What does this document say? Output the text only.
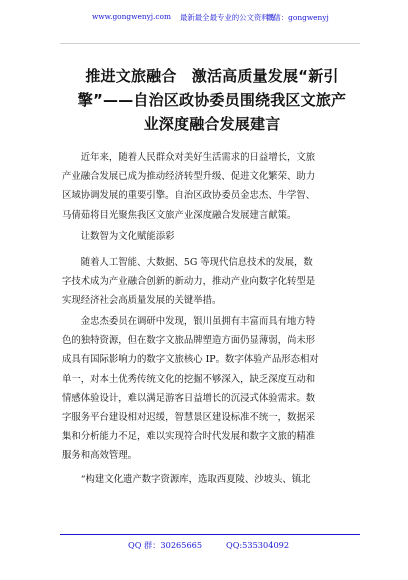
www.gongwenyj.com 最新最全最专业的公文资料库！
微信：gongwenyj
推进文旅融合　激活高质量发展“新引
擎”——自治区政协委员围绕我区文旅产
业深度融合发展建言
　　近年来，随着人民群众对美好生活需求的日益增长，文旅
产业融合发展已成为推动经济转型升级、促进文化繁荣、助力
区域协调发展的重要引擎。自治区政协委员金忠杰、牛学智、
马倩茹将目光聚焦我区文旅产业深度融合发展建言献策。
　　让数智为文化赋能添彩
　　随着人工智能、大数据、5G 等现代信息技术的发展，数
字技术成为产业融合创新的新动力，推动产业向数字化转型是
实现经济社会高质量发展的关键举措。
　　金忠杰委员在调研中发现，银川虽拥有丰富而具有地方特
色的独特资源，但在数字文旅品牌塑造方面仍显薄弱，尚未形
成具有国际影响力的数字文旅核心 IP。数字体验产品形态相对
单一，对本土优秀传统文化的挖掘不够深入，缺乏深度互动和
情感体验设计，难以满足游客日益增长的沉浸式体验需求。数
字服务平台建设相对迟缓，智慧景区建设标准不统一，数据采
集和分析能力不足，难以实现符合时代发展和数字文旅的精准
服务和高效管理。
　　“构建文化遗产数字资源库，选取西夏陵、沙坡头、镇北
QQ 群：30265665	QQ:535304092
